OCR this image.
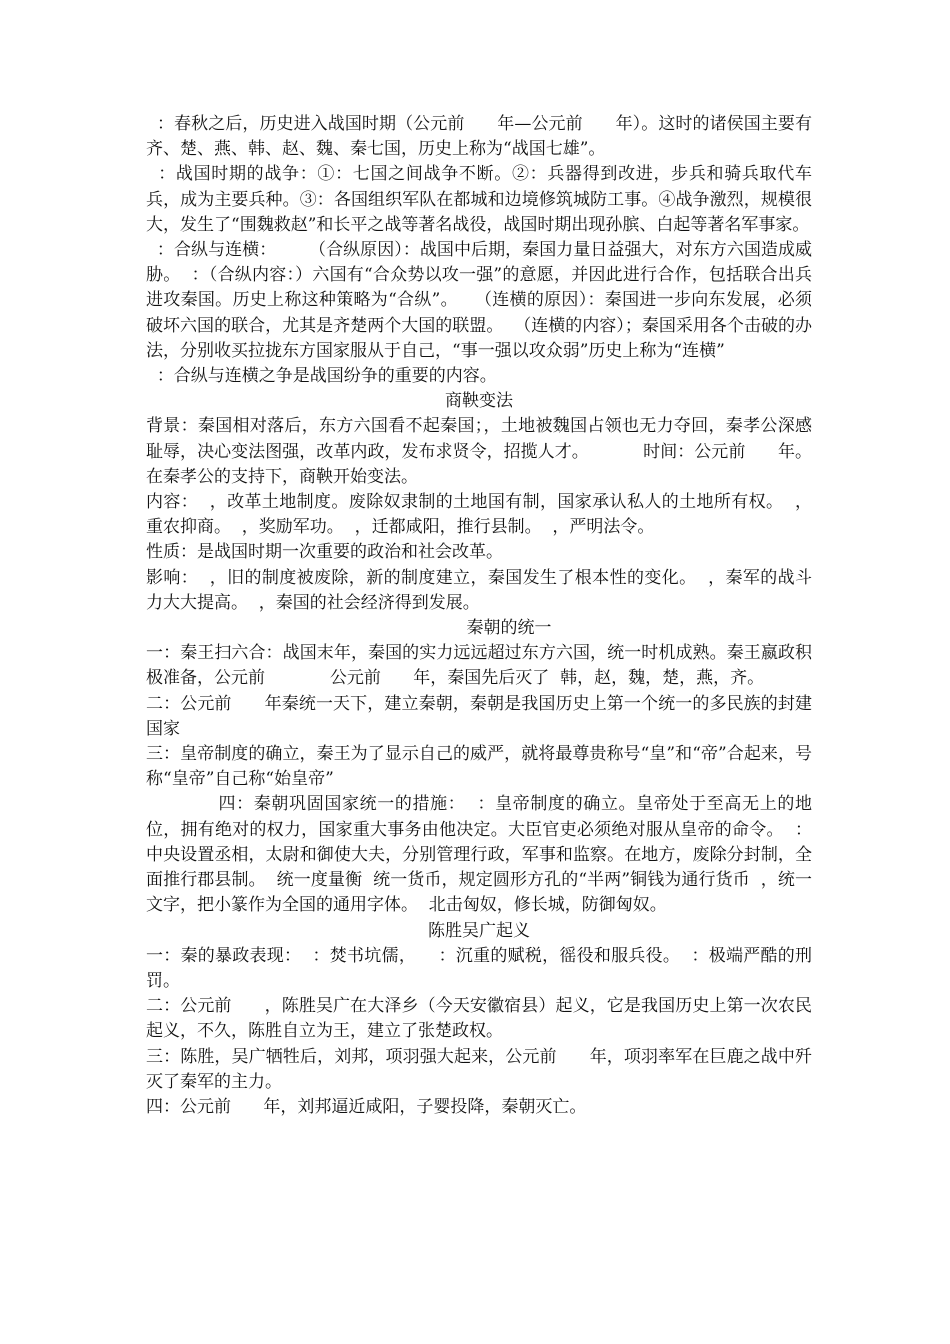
：春秋之后，历史进入战国时期（公元前      年—公元前      年）。这时的诸侯国主要有齐、楚、燕、韩、赵、魏、秦七国，历史上称为“战国七雄”。

：战国时期的战争：①：七国之间战争不断。②：兵器得到改进，步兵和骑兵取代车兵，成为主要兵种。③：各国组织军队在都城和边境修筑城防工事。④战争激烈，规模很大，发生了“围魏救赵”和长平之战等著名战役，战国时期出现孙膑、白起等著名军事家。

：合纵与连横：      （合纵原因）：战国中后期，秦国力量日益强大，对东方六国造成威胁。  ：（合纵内容：）六国有“合众势以攻一强”的意愿，并因此进行合作，包括联合出兵进攻秦国。历史上称这种策略为“合纵”。   （连横的原因）：秦国进一步向东发展，必须破坏六国的联合，尤其是齐楚两个大国的联盟。  （连横的内容）；秦国采用各个击破的办法，分别收买拉拢东方国家服从于自己，“事一强以攻众弱”历史上称为“连横”

：合纵与连横之争是战国纷争的重要的内容。

商鞅变法

背景：秦国相对落后，东方六国看不起秦国；，土地被魏国占领也无力夺回，秦孝公深感耻辱，决心变法图强，改革内政，发布求贤令，招揽人才。          时间：公元前      年。在秦孝公的支持下，商鞅开始变法。

内容：  ，改革土地制度。废除奴隶制的土地国有制，国家承认私人的土地所有权。  ，重农抑商。  ，奖励军功。  ，迁都咸阳，推行县制。  ，严明法令。

性质：是战国时期一次重要的政治和社会改革。

影响：  ，旧的制度被废除，新的制度建立，秦国发生了根本性的变化。  ，秦军的战斗力大大提高。  ，秦国的社会经济得到发展。

秦朝的统一

一：秦王扫六合：战国末年，秦国的实力远远超过东方六国，统一时机成熟。秦王嬴政积极准备，公元前            公元前      年，秦国先后灭了  韩，赵，魏，楚，燕，齐。

二：公元前      年秦统一天下，建立秦朝，秦朝是我国历史上第一个统一的多民族的封建国家

三：皇帝制度的确立，秦王为了显示自己的威严，就将最尊贵称号“皇”和“帝”合起来，号称“皇帝”自己称“始皇帝”

四：秦朝巩固国家统一的措施：  ：皇帝制度的确立。皇帝处于至高无上的地位，拥有绝对的权力，国家重大事务由他决定。大臣官吏必须绝对服从皇帝的命令。  ：中央设置丞相，太尉和御使大夫，分别管理行政，军事和监察。在地方，废除分封制，全面推行郡县制。  统一度量衡  统一货币，规定圆形方孔的“半两”铜钱为通行货币  ，统一文字，把小篆作为全国的通用字体。  北击匈奴，修长城，防御匈奴。

陈胜吴广起义

一：秦的暴政表现：  ：焚书坑儒，    ：沉重的赋税，徭役和服兵役。  ：极端严酷的刑罚。

二：公元前      ，陈胜吴广在大泽乡（今天安徽宿县）起义，它是我国历史上第一次农民起义，不久，陈胜自立为王，建立了张楚政权。

三：陈胜，吴广牺牲后，刘邦，项羽强大起来，公元前      年，项羽率军在巨鹿之战中歼灭了秦军的主力。

四：公元前      年，刘邦逼近咸阳，子婴投降，秦朝灭亡。
